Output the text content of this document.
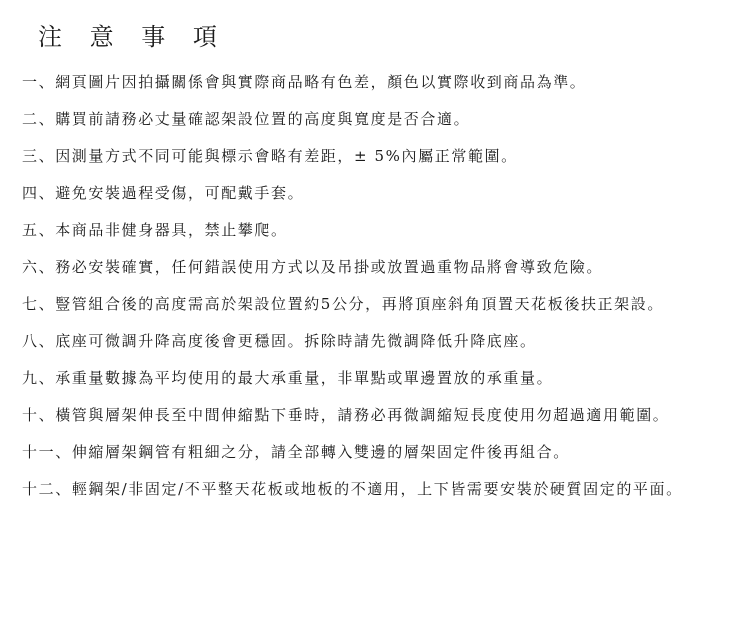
注 意 事 項
一、 網頁圖片因拍攝關係會與實際商品略有色差，顏色以實際收到商品為準。
二、 購買前請務必丈量確認架設位置的高度與寬度是否合適。
三、 因測量方式不同可能與標示會略有差距，± 5%內屬正常範圍。
四、 避免安裝過程受傷，可配戴手套。
五、 本商品非健身器具，禁止攀爬。
六、 務必安裝確實，任何錯誤使用方式以及吊掛或放置過重物品將會導致危險。
七、 豎管組合後的高度需高於架設位置約5公分，再將頂座斜角頂置天花板後扶正架設。
八、 底座可微調升降高度後會更穩固。拆除時請先微調降低升降底座。
九、 承重量數據為平均使用的最大承重量，非單點或單邊置放的承重量。
十、 橫管與層架伸長至中間伸縮點下垂時，請務必再微調縮短長度使用勿超過適用範圍。
十一、 伸縮層架鋼管有粗細之分，請全部轉入雙邊的層架固定件後再組合。
十二、 輕鋼架/非固定/不平整天花板或地板的不適用，上下皆需要安裝於硬質固定的平面。
